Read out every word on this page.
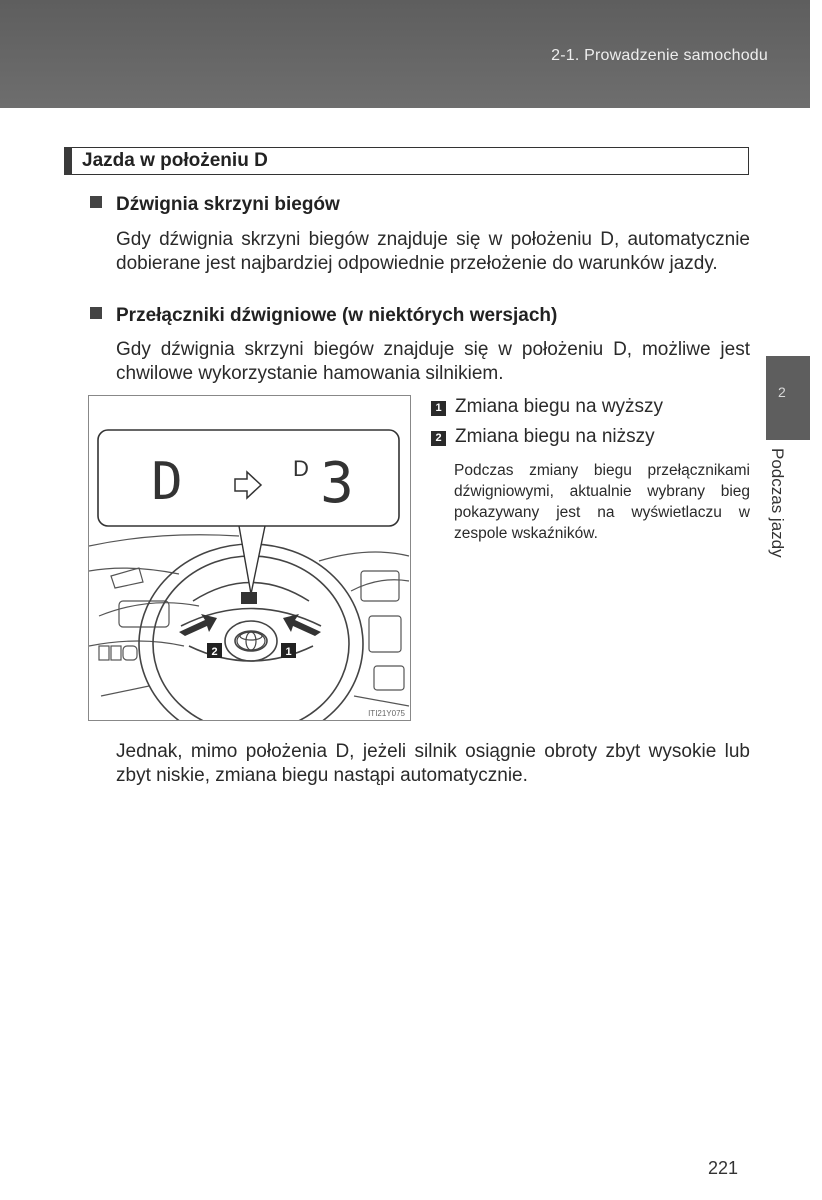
2-1. Prowadzenie samochodu
Jazda w położeniu D
Dźwignia skrzyni biegów
Gdy dźwignia skrzyni biegów znajduje się w położeniu D, automatycznie dobierane jest najbardziej odpowiednie przełożenie do warunków jazdy.
Przełączniki dźwigniowe (w niektórych wersjach)
Gdy dźwignia skrzyni biegów znajduje się w położeniu D, możliwe jest chwilowe wykorzystanie hamowania silnikiem.
2	1
D	D 3
ITI21Y075
1 Zmiana biegu na wyższy
2 Zmiana biegu na niższy
Podczas zmiany biegu przełącznikami dźwigniowymi, aktualnie wybrany bieg pokazywany jest na wyświetlaczu w zespole wskaźników.
Jednak, mimo położenia D, jeżeli silnik osiągnie obroty zbyt wysokie lub zbyt niskie, zmiana biegu nastąpi automatycznie.
2
Podczas jazdy
221
